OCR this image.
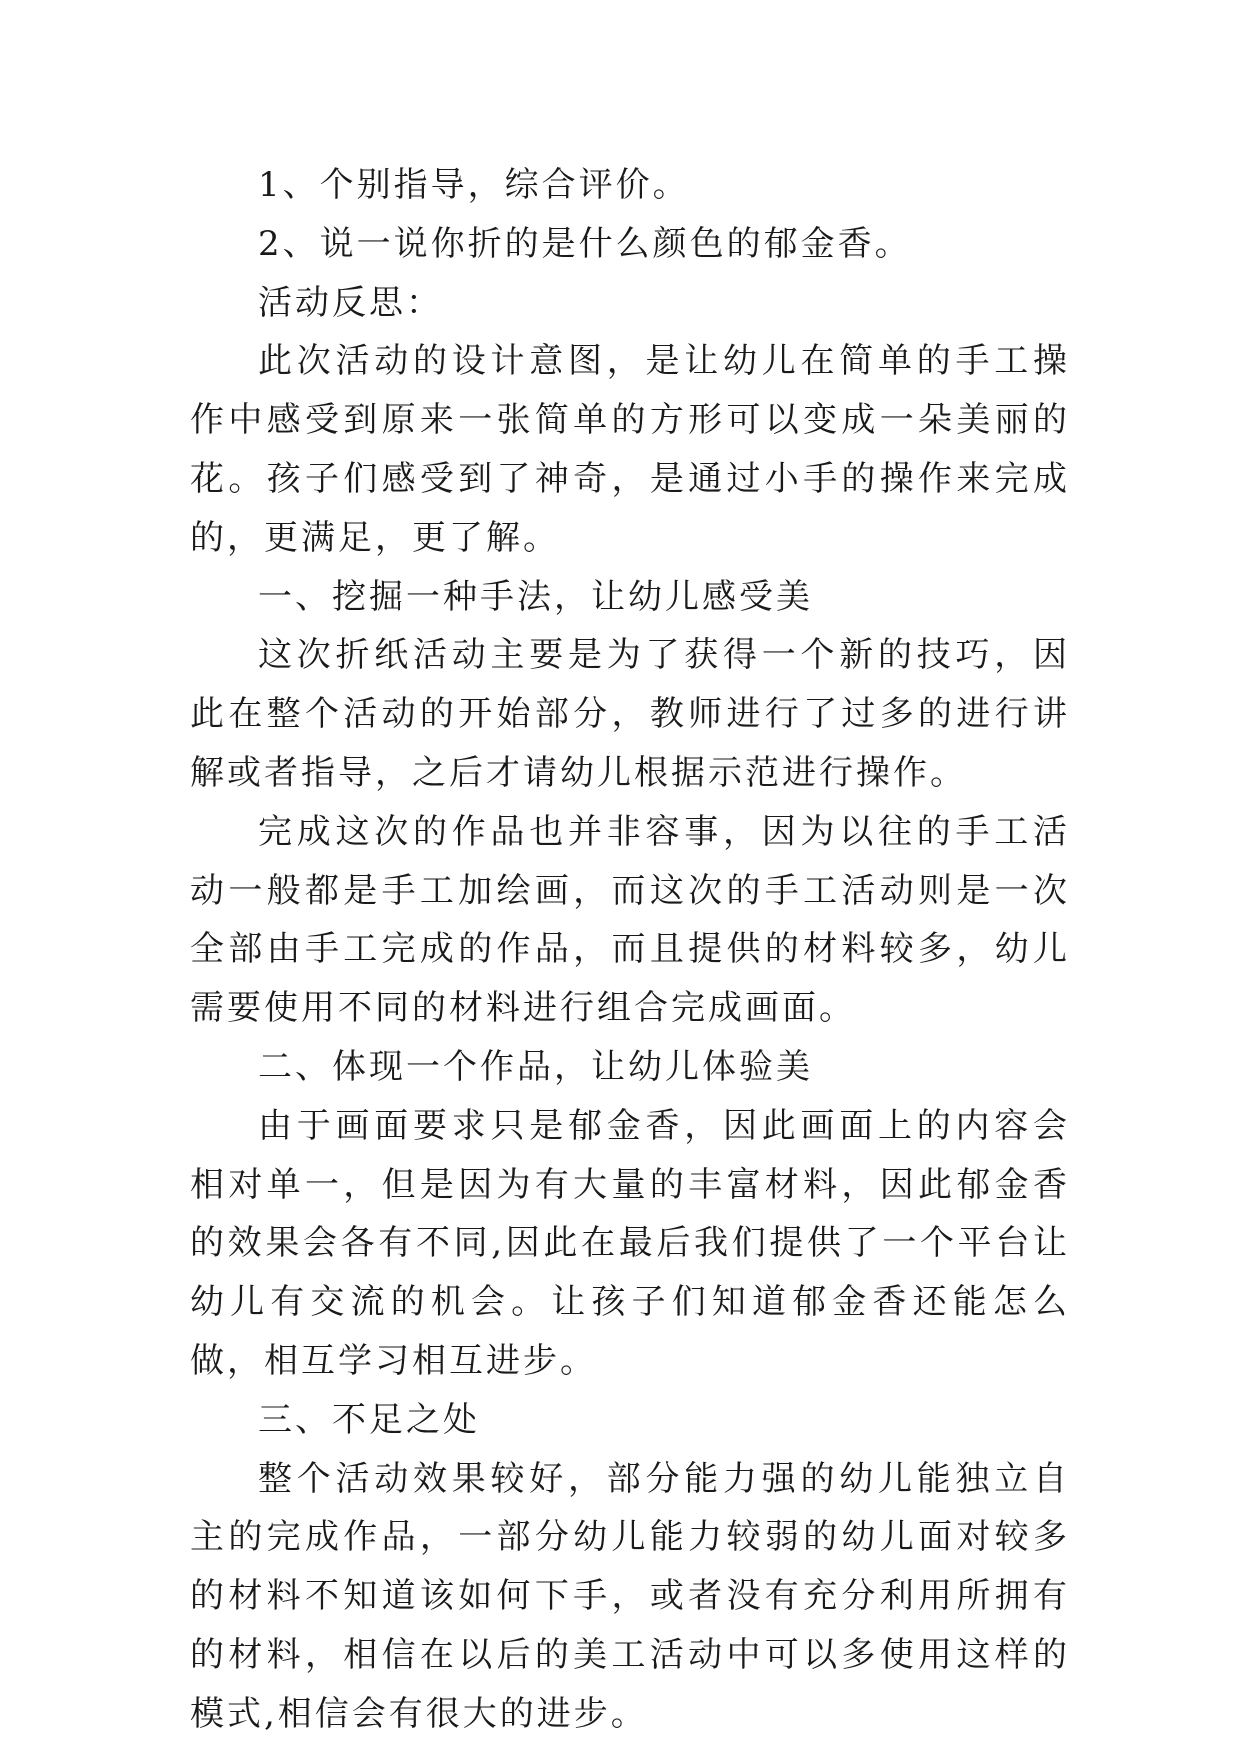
1、个别指导，综合评价。

2、说一说你折的是什么颜色的郁金香。

活动反思：

此次活动的设计意图，是让幼儿在简单的手工操作中感受到原来一张简单的方形可以变成一朵美丽的花。孩子们感受到了神奇，是通过小手的操作来完成的，更满足，更了解。

一、挖掘一种手法，让幼儿感受美

这次折纸活动主要是为了获得一个新的技巧，因此在整个活动的开始部分，教师进行了过多的进行讲解或者指导，之后才请幼儿根据示范进行操作。

完成这次的作品也并非容事，因为以往的手工活动一般都是手工加绘画，而这次的手工活动则是一次全部由手工完成的作品，而且提供的材料较多，幼儿需要使用不同的材料进行组合完成画面。

二、体现一个作品，让幼儿体验美

由于画面要求只是郁金香，因此画面上的内容会相对单一，但是因为有大量的丰富材料，因此郁金香的效果会各有不同,因此在最后我们提供了一个平台让幼儿有交流的机会。让孩子们知道郁金香还能怎么做，相互学习相互进步。

三、不足之处

整个活动效果较好，部分能力强的幼儿能独立自主的完成作品，一部分幼儿能力较弱的幼儿面对较多的材料不知道该如何下手，或者没有充分利用所拥有的材料，相信在以后的美工活动中可以多使用这样的模式,相信会有很大的进步。
